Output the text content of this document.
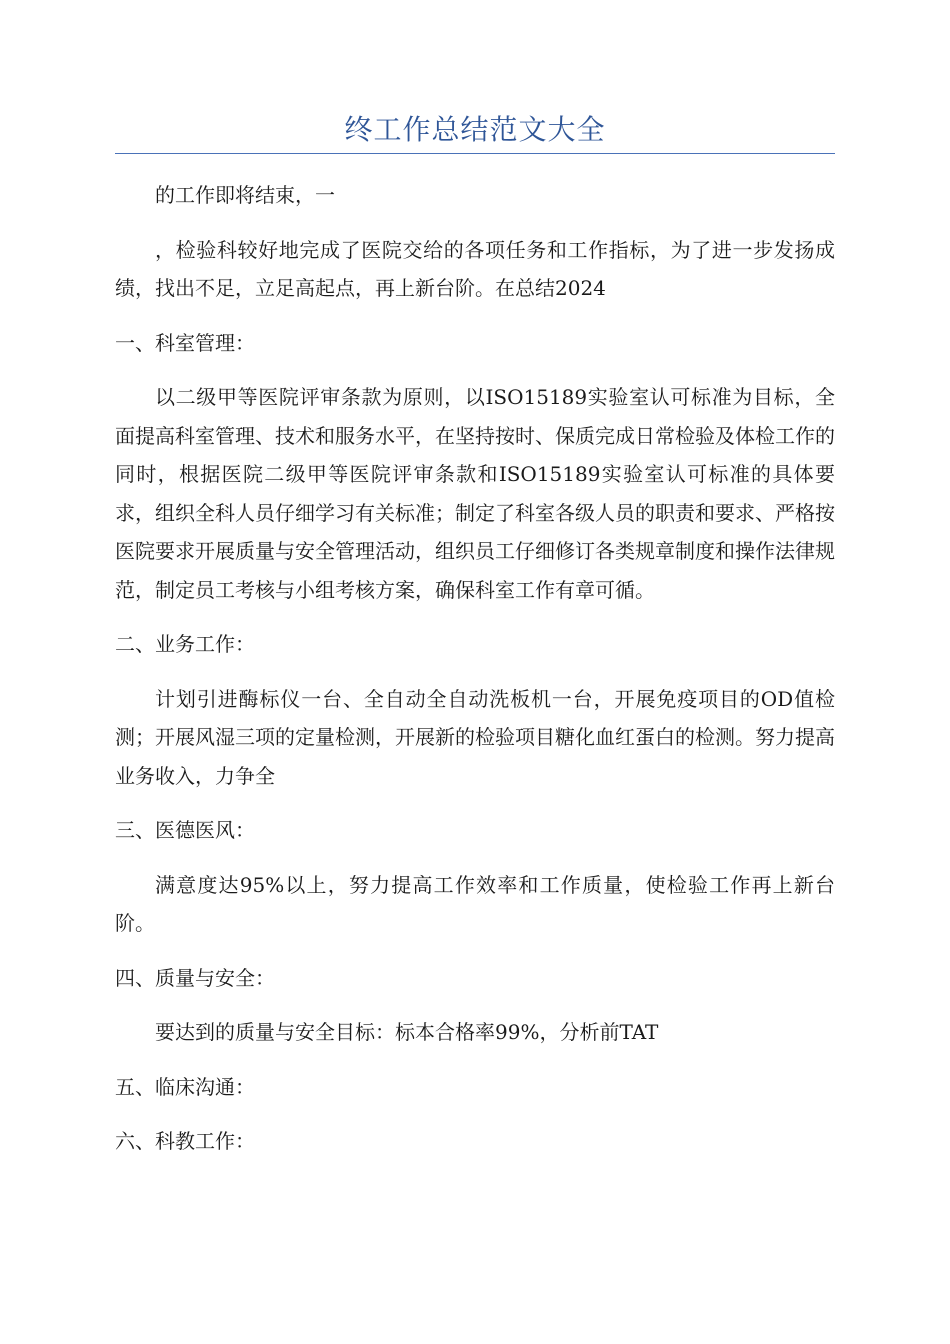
终工作总结范文大全

的工作即将结束，一

，检验科较好地完成了医院交给的各项任务和工作指标，为了进一步发扬成绩，找出不足，立足高起点，再上新台阶。在总结2024

一、科室管理：

以二级甲等医院评审条款为原则，以ISO15189实验室认可标准为目标，全面提高科室管理、技术和服务水平，在坚持按时、保质完成日常检验及体检工作的同时，根据医院二级甲等医院评审条款和ISO15189实验室认可标准的具体要求，组织全科人员仔细学习有关标准；制定了科室各级人员的职责和要求、严格按医院要求开展质量与安全管理活动，组织员工仔细修订各类规章制度和操作法律规范，制定员工考核与小组考核方案，确保科室工作有章可循。

二、业务工作：

计划引进酶标仪一台、全自动全自动洗板机一台，开展免疫项目的OD值检测；开展风湿三项的定量检测，开展新的检验项目糖化血红蛋白的检测。努力提高业务收入，力争全

三、医德医风：

满意度达95%以上，努力提高工作效率和工作质量，使检验工作再上新台阶。

四、质量与安全：

要达到的质量与安全目标：标本合格率99%，分析前TAT

五、临床沟通：

六、科教工作：
